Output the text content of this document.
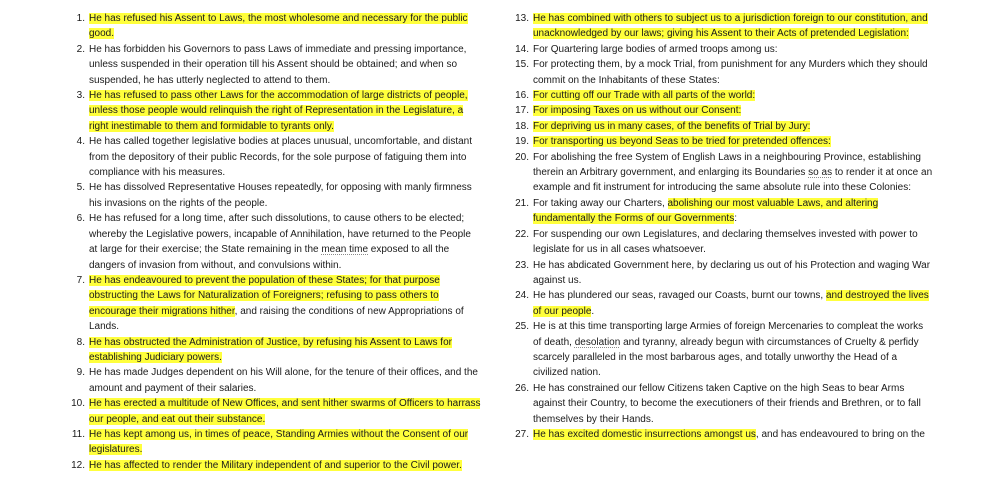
1. He has refused his Assent to Laws, the most wholesome and necessary for the public good.
2. He has forbidden his Governors to pass Laws of immediate and pressing importance, unless suspended in their operation till his Assent should be obtained; and when so suspended, he has utterly neglected to attend to them.
3. He has refused to pass other Laws for the accommodation of large districts of people, unless those people would relinquish the right of Representation in the Legislature, a right inestimable to them and formidable to tyrants only.
4. He has called together legislative bodies at places unusual, uncomfortable, and distant from the depository of their public Records, for the sole purpose of fatiguing them into compliance with his measures.
5. He has dissolved Representative Houses repeatedly, for opposing with manly firmness his invasions on the rights of the people.
6. He has refused for a long time, after such dissolutions, to cause others to be elected; whereby the Legislative powers, incapable of Annihilation, have returned to the People at large for their exercise; the State remaining in the mean time exposed to all the dangers of invasion from without, and convulsions within.
7. He has endeavoured to prevent the population of these States; for that purpose obstructing the Laws for Naturalization of Foreigners; refusing to pass others to encourage their migrations hither, and raising the conditions of new Appropriations of Lands.
8. He has obstructed the Administration of Justice, by refusing his Assent to Laws for establishing Judiciary powers.
9. He has made Judges dependent on his Will alone, for the tenure of their offices, and the amount and payment of their salaries.
10. He has erected a multitude of New Offices, and sent hither swarms of Officers to harrass our people, and eat out their substance.
11. He has kept among us, in times of peace, Standing Armies without the Consent of our legislatures.
12. He has affected to render the Military independent of and superior to the Civil power.
13. He has combined with others to subject us to a jurisdiction foreign to our constitution, and unacknowledged by our laws; giving his Assent to their Acts of pretended Legislation:
14. For Quartering large bodies of armed troops among us:
15. For protecting them, by a mock Trial, from punishment for any Murders which they should commit on the Inhabitants of these States:
16. For cutting off our Trade with all parts of the world:
17. For imposing Taxes on us without our Consent:
18. For depriving us in many cases, of the benefits of Trial by Jury:
19. For transporting us beyond Seas to be tried for pretended offences:
20. For abolishing the free System of English Laws in a neighbouring Province, establishing therein an Arbitrary government, and enlarging its Boundaries so as to render it at once an example and fit instrument for introducing the same absolute rule into these Colonies:
21. For taking away our Charters, abolishing our most valuable Laws, and altering fundamentally the Forms of our Governments:
22. For suspending our own Legislatures, and declaring themselves invested with power to legislate for us in all cases whatsoever.
23. He has abdicated Government here, by declaring us out of his Protection and waging War against us.
24. He has plundered our seas, ravaged our Coasts, burnt our towns, and destroyed the lives of our people.
25. He is at this time transporting large Armies of foreign Mercenaries to compleat the works of death, desolation and tyranny, already begun with circumstances of Cruelty & perfidy scarcely paralleled in the most barbarous ages, and totally unworthy the Head of a civilized nation.
26. He has constrained our fellow Citizens taken Captive on the high Seas to bear Arms against their Country, to become the executioners of their friends and Brethren, or to fall themselves by their Hands.
27. He has excited domestic insurrections amongst us, and has endeavoured to bring on the
